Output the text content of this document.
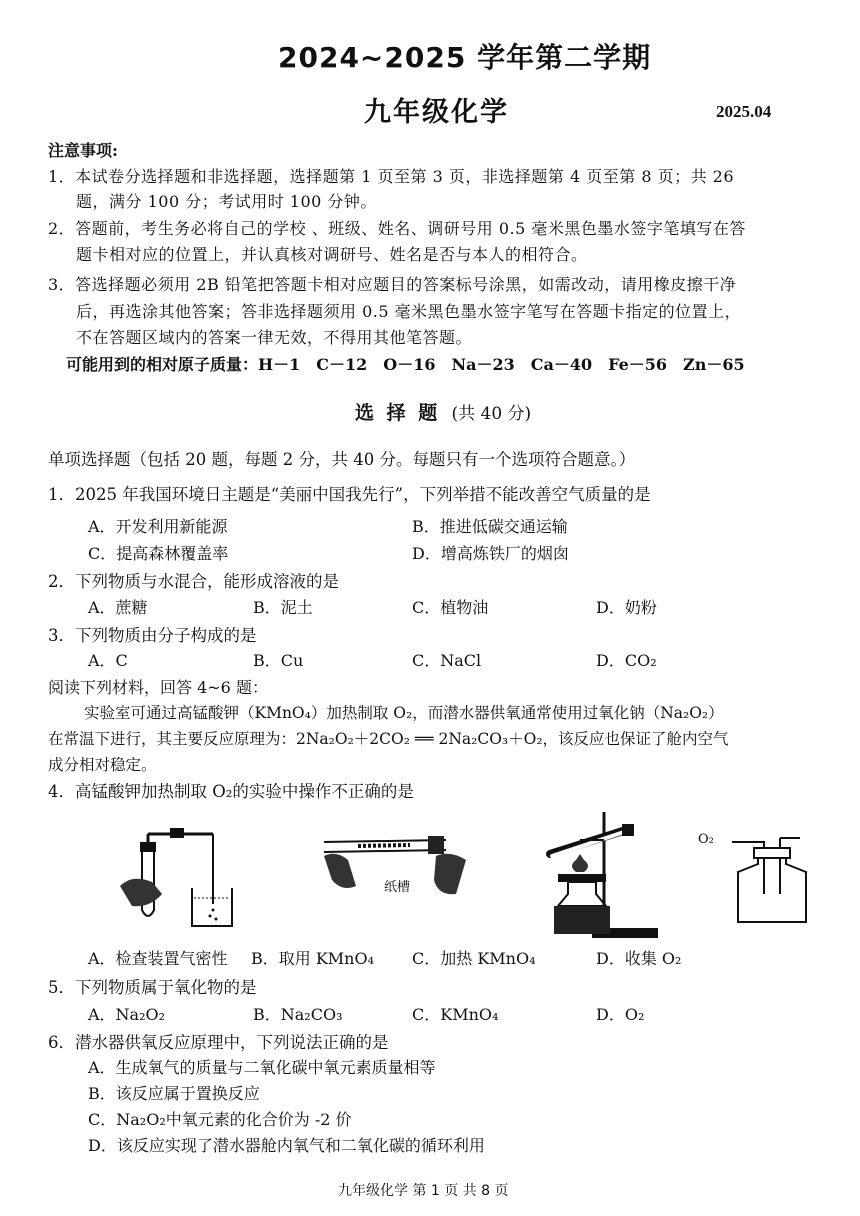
2024~2025 学年第二学期
九年级化学	2025.04
注意事项:
1．本试卷分选择题和非选择题，选择题第 1 页至第 3 页，非选择题第 4 页至第 8 页；共 26
题，满分 100 分；考试用时 100 分钟。
2．答题前，考生务必将自己的学校 、班级、姓名、调研号用 0.5 毫米黑色墨水签字笔填写在答
题卡相对应的位置上，并认真核对调研号、姓名是否与本人的相符合。
3．答选择题必须用 2B 铅笔把答题卡相对应题目的答案标号涂黑，如需改动，请用橡皮擦干净
后，再选涂其他答案；答非选择题须用 0.5 毫米黑色墨水签字笔写在答题卡指定的位置上，
不在答题区域内的答案一律无效，不得用其他笔答题。
可能用到的相对原子质量：H－1　C－12　O－16　Na－23　Ca－40　Fe－56　Zn－65
选 择 题 (共 40 分)
单项选择题（包括 20 题，每题 2 分，共 40 分。每题只有一个选项符合题意。）
1．2025 年我国环境日主题是“美丽中国我先行”，下列举措不能改善空气质量的是
A．开发利用新能源	B．推进低碳交通运输
C．提高森林覆盖率	D．增高炼铁厂的烟囱
2．下列物质与水混合，能形成溶液的是
A．蔗糖	B．泥土	C．植物油	D．奶粉
3．下列物质由分子构成的是
A．C	B．Cu	C．NaCl	D．CO₂
阅读下列材料，回答 4~6 题：
实验室可通过高锰酸钾（KMnO₄）加热制取 O₂，而潜水器供氧通常使用过氧化钠（Na₂O₂）
在常温下进行，其主要反应原理为：2Na₂O₂＋2CO₂ ══ 2Na₂CO₃＋O₂，该反应也保证了舱内空气
成分相对稳定。
4．高锰酸钾加热制取 O₂的实验中操作不正确的是
纸槽
O₂
A．检查装置气密性 B．取用 KMnO₄ C．加热 KMnO₄	D．收集 O₂
5．下列物质属于氧化物的是
A．Na₂O₂	B．Na₂CO₃	C．KMnO₄	D．O₂
6．潜水器供氧反应原理中，下列说法正确的是
A．生成氧气的质量与二氧化碳中氧元素质量相等
B．该反应属于置换反应
C．Na₂O₂中氧元素的化合价为 -2 价
D．该反应实现了潜水器舱内氧气和二氧化碳的循环利用
九年级化学 第 1 页 共 8 页
